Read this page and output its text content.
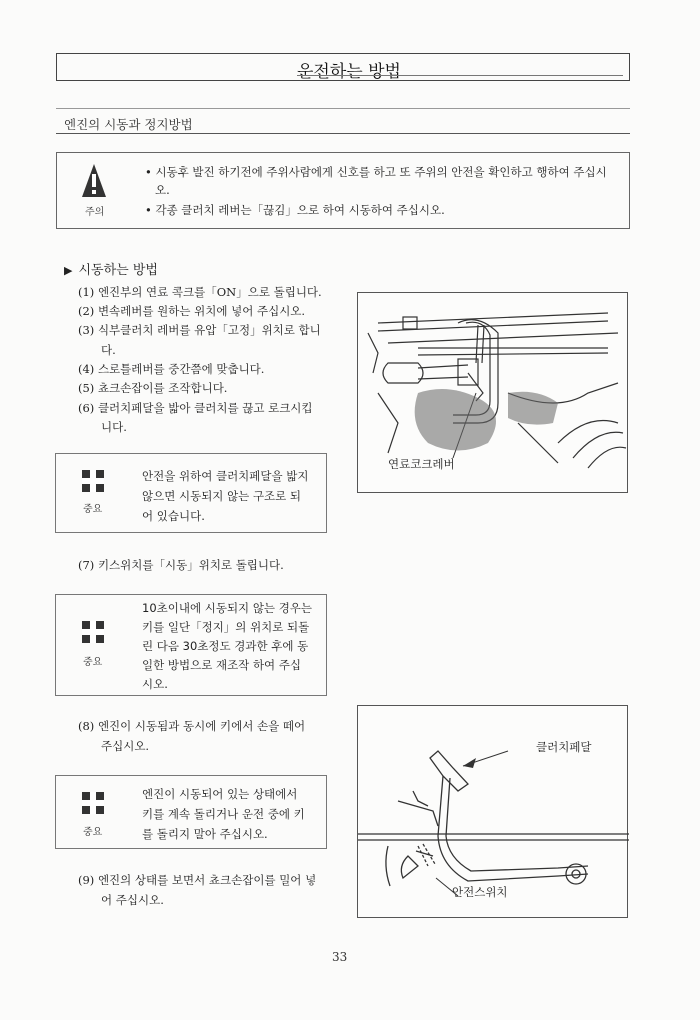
운전하는 방법
엔진의 시동과 정지방법
주의
• 시동후 발진 하기전에 주위사람에게 신호를 하고 또 주위의 안전을 확인하고 행하여 주십시
오.
• 각종 클러치 레버는「끊김」으로 하여 시동하여 주십시오.
▶ 시동하는 방법
(1) 엔진부의 연료 콕크를「ON」으로 돌립니다.
(2) 변속레버를 원하는 위치에 넣어 주십시오.
(3) 식부클러치 레버를 유압「고정」위치로 합니
다.
(4) 스로틀레버를 중간쯤에 맞춥니다.
(5) 쵸크손잡이를 조작합니다.
(6) 클러치페달을 밟아 클러치를 끊고 로크시킵
니다.
중요
안전을 위하여 클러치페달을 밟지
않으면 시동되지 않는 구조로 되
어 있습니다.
(7) 키스위치를「시동」위치로 돌립니다.
중요
10초이내에 시동되지 않는 경우는
키를 일단「정지」의 위치로 되돌
린 다음 30초정도 경과한 후에 동
일한 방법으로 재조작 하여 주십
시오.
(8) 엔진이 시동됨과 동시에 키에서 손을 떼어
주십시오.
중요
엔진이 시동되어 있는 상태에서
키를 계속 돌리거나 운전 중에 키
를 돌리지 말아 주십시오.
(9) 엔진의 상태를 보면서 쵸크손잡이를 밀어 넣
어 주십시오.
연료코크레버
클러치페달
안전스위치
33
